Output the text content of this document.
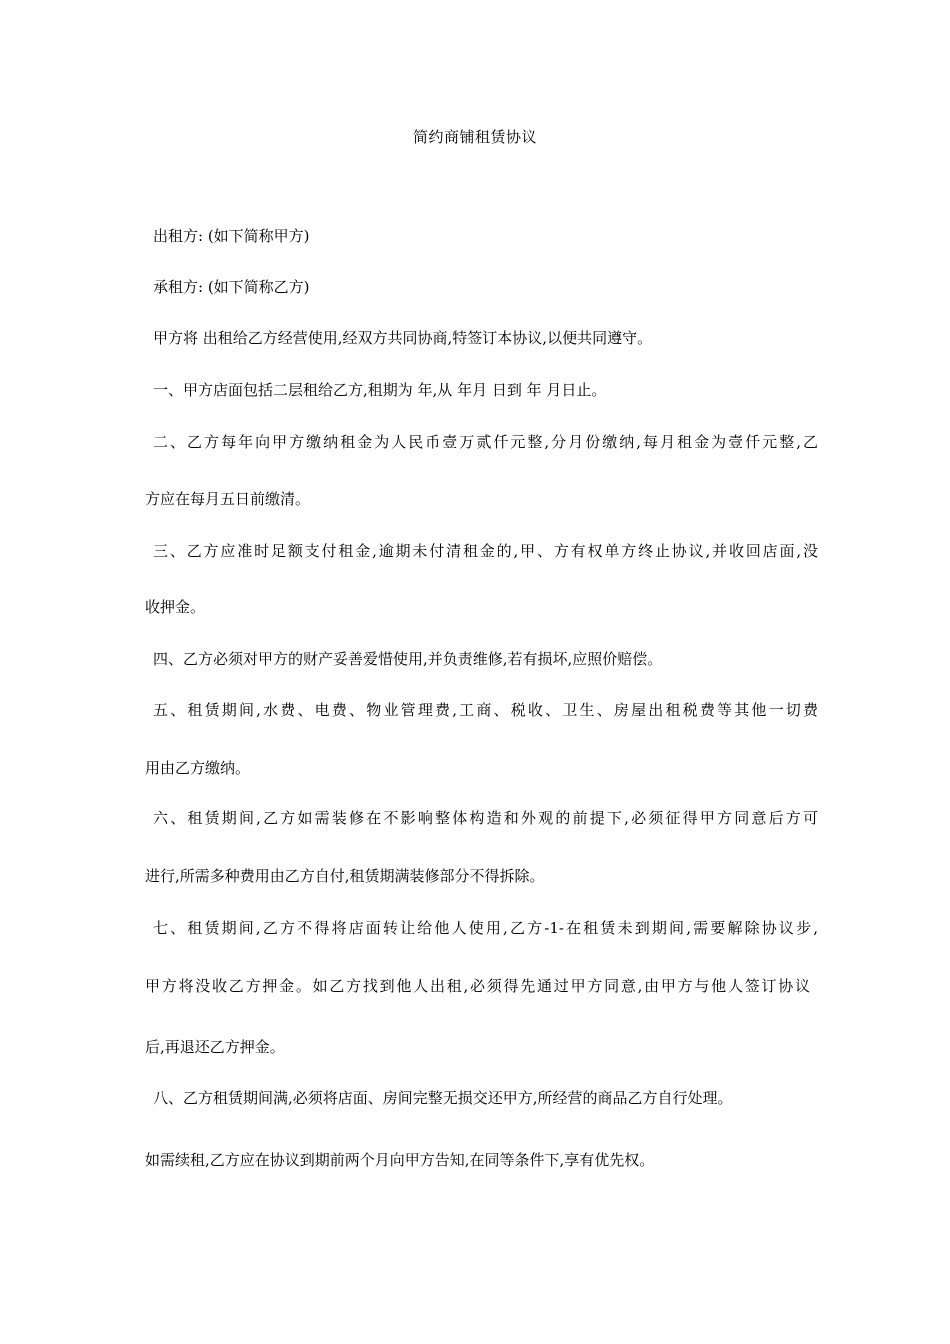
简约商铺租赁协议
出租方: (如下简称甲方)
承租方: (如下简称乙方)
甲方将 出租给乙方经营使用,经双方共同协商,特签订本协议,以便共同遵守。
一、甲方店面包括二层租给乙方,租期为 年,从 年月 日到 年 月日止。
二、乙方每年向甲方缴纳租金为人民币壹万贰仟元整,分月份缴纳,每月租金为壹仟元整,乙
方应在每月五日前缴清。
三、乙方应准时足额支付租金,逾期未付清租金的,甲、方有权单方终止协议,并收回店面,没
收押金。
四、乙方必须对甲方的财产妥善爱惜使用,并负责维修,若有损坏,应照价赔偿。
五、租赁期间,水费、电费、物业管理费,工商、税收、卫生、房屋出租税费等其他一切费
用由乙方缴纳。
六、租赁期间,乙方如需装修在不影响整体构造和外观的前提下,必须征得甲方同意后方可
进行,所需多种费用由乙方自付,租赁期满装修部分不得拆除。
七、租赁期间,乙方不得将店面转让给他人使用,乙方-1-在租赁未到期间,需要解除协议步,
甲方将没收乙方押金。如乙方找到他人出租,必须得先通过甲方同意,由甲方与他人签订协议
后,再退还乙方押金。
八、乙方租赁期间满,必须将店面、房间完整无损交还甲方,所经营的商品乙方自行处理。
如需续租,乙方应在协议到期前两个月向甲方告知,在同等条件下,享有优先权。
